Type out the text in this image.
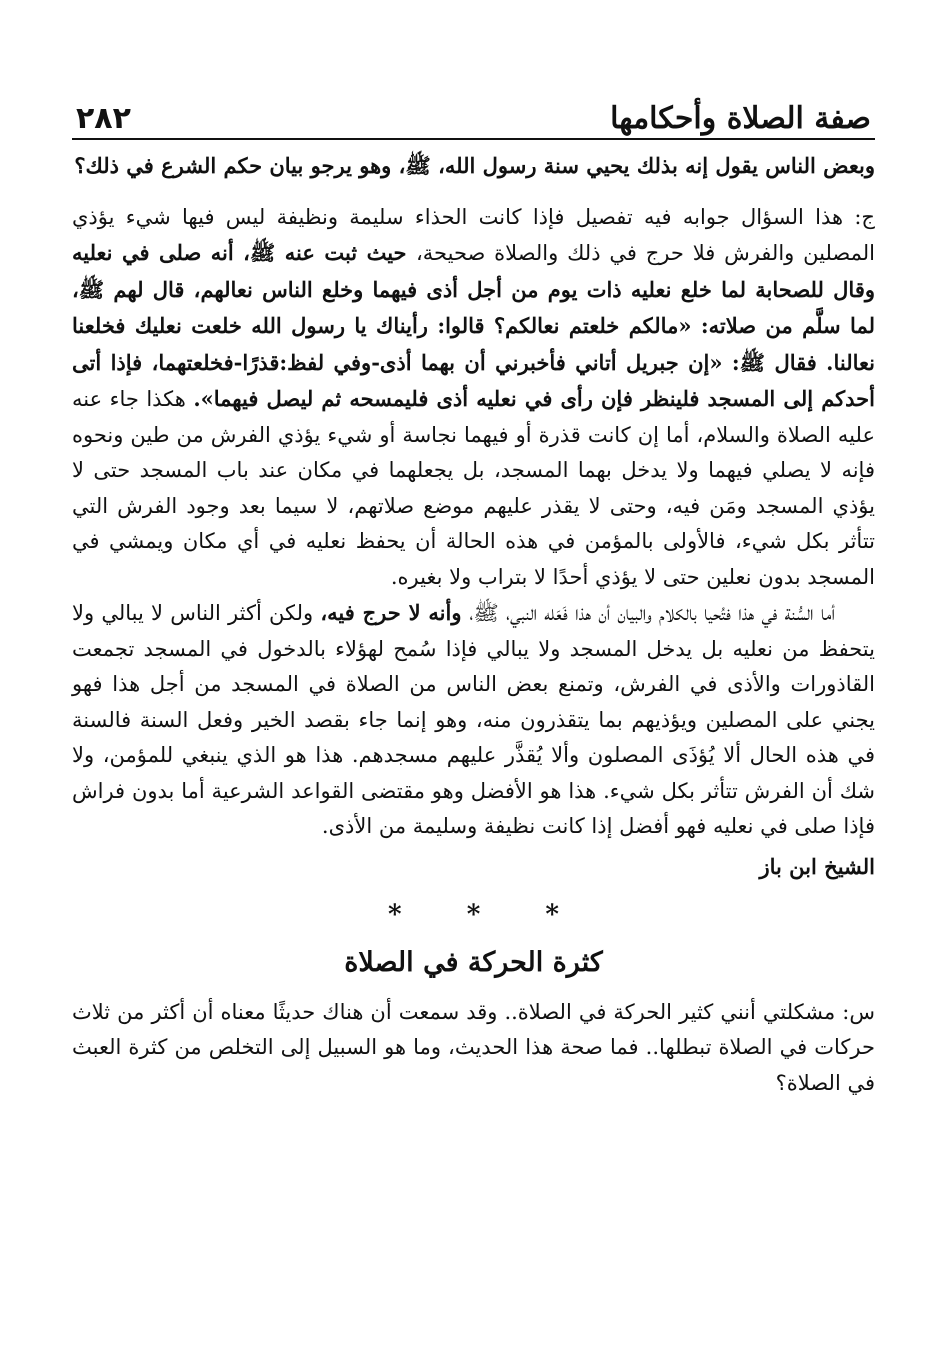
صفة الصلاة وأحكامها
٢٨٢

وبعض الناس يقول إنه بذلك يحيي سنة رسول الله، ﷺ، وهو يرجو بيان حكم الشرع في ذلك؟

ج: هذا السؤال جوابه فيه تفصيل فإذا كانت الحذاء سليمة ونظيفة ليس فيها شيء يؤذي المصلين والفرش فلا حرج في ذلك والصلاة صحيحة، حيث ثبت عنه ﷺ، أنه صلى في نعليه وقال للصحابة لما خلع نعليه ذات يوم من أجل أذى فيهما وخلع الناس نعالهم، قال لهم ﷺ، لما سلَّم من صلاته: «مالكم خلعتم نعالكم؟ قالوا: رأيناك يا رسول الله خلعت نعليك فخلعنا نعالنا. فقال ﷺ: «إن جبريل أتاني فأخبرني أن بهما أذى-وفي لفظ:قذرًا-فخلعتهما، فإذا أتى أحدكم إلى المسجد فلينظر فإن رأى في نعليه أذى فليمسحه ثم ليصل فيهما». هكذا جاء عنه عليه الصلاة والسلام، أما إن كانت قذرة أو فيهما نجاسة أو شيء يؤذي الفرش من طين ونحوه فإنه لا يصلي فيهما ولا يدخل بهما المسجد، بل يجعلهما في مكان عند باب المسجد حتى لا يؤذي المسجد ومَن فيه، وحتى لا يقذر عليهم موضع صلاتهم، لا سيما بعد وجود الفرش التي تتأثر بكل شيء، فالأولى بالمؤمن في هذه الحالة أن يحفظ نعليه في أي مكان ويمشي في المسجد بدون نعلين حتى لا يؤذي أحدًا لا بتراب ولا بغيره.

أما السُّنة في هذا فتُحيا بالكلام والبيان أن هذا فَعَله النبي، ﷺ، وأنه لا حرج فيه، ولكن أكثر الناس لا يبالي ولا يتحفظ من نعليه بل يدخل المسجد ولا يبالي فإذا سُمح لهؤلاء بالدخول في المسجد تجمعت القاذورات والأذى في الفرش، وتمنع بعض الناس من الصلاة في المسجد من أجل هذا فهو يجني على المصلين ويؤذيهم بما يتقذرون منه، وهو إنما جاء بقصد الخير وفعل السنة فالسنة في هذه الحال ألا يُؤذَى المصلون وألا يُقذَّر عليهم مسجدهم. هذا هو الذي ينبغي للمؤمن، ولا شك أن الفرش تتأثر بكل شيء. هذا هو الأفضل وهو مقتضى القواعد الشرعية أما بدون فراش فإذا صلى في نعليه فهو أفضل إذا كانت نظيفة وسليمة من الأذى.

الشيخ ابن باز
* * *
كثرة الحركة في الصلاة

س: مشكلتي أنني كثير الحركة في الصلاة.. وقد سمعت أن هناك حديثًا معناه أن أكثر من ثلاث حركات في الصلاة تبطلها.. فما صحة هذا الحديث، وما هو السبيل إلى التخلص من كثرة العبث في الصلاة؟
